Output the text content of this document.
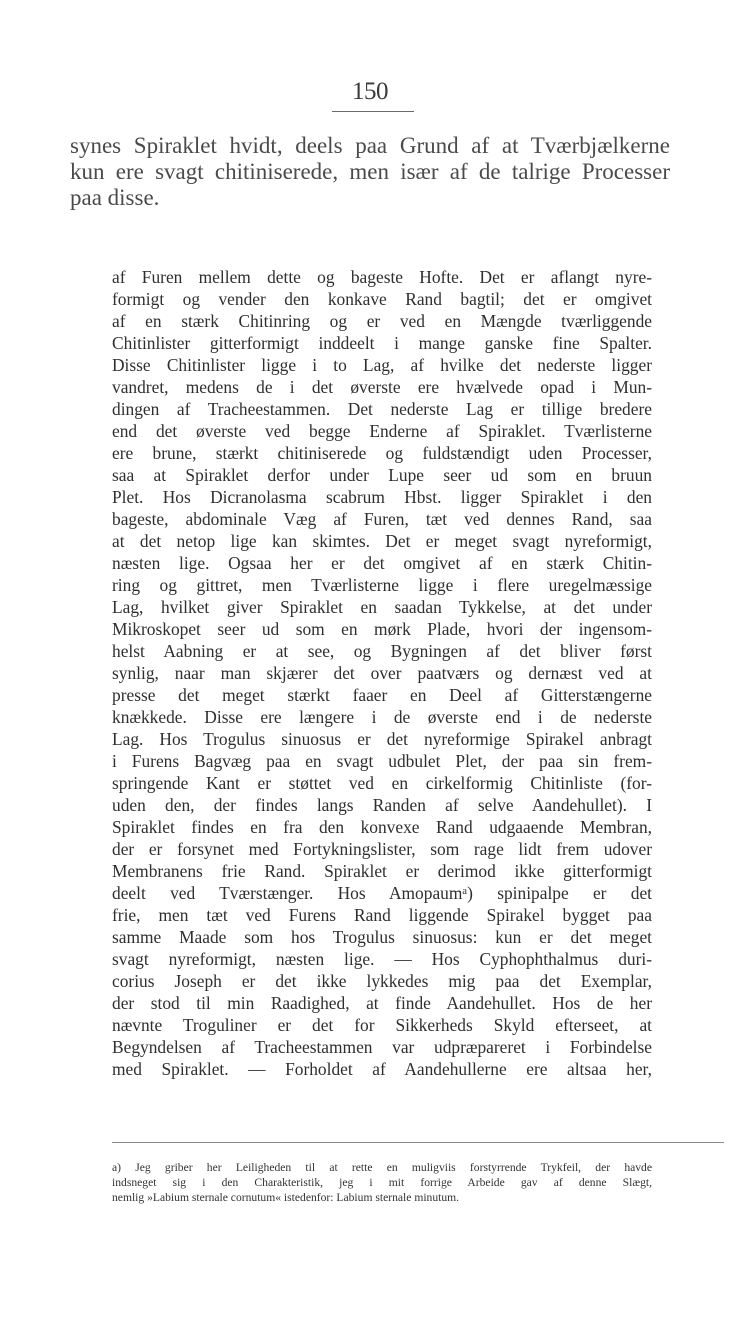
150
synes Spiraklet hvidt, deels paa Grund af at Tværbjælkerne
kun ere svagt chitiniserede, men især af de talrige Processer
paa disse.
af Furen mellem dette og bageste Hofte. Det er aflangt nyre-
formigt og vender den konkave Rand bagtil; det er omgivet
af en stærk Chitinring og er ved en Mængde tværliggende
Chitinlister gitterformigt inddeelt i mange ganske fine Spalter.
Disse Chitinlister ligge i to Lag, af hvilke det nederste ligger
vandret, medens de i det øverste ere hvælvede opad i Mun-
dingen af Tracheestammen. Det nederste Lag er tillige bredere
end det øverste ved begge Enderne af Spiraklet. Tværlisterne
ere brune, stærkt chitiniserede og fuldstændigt uden Processer,
saa at Spiraklet derfor under Lupe seer ud som en bruun
Plet. Hos Dicranolasma scabrum Hbst. ligger Spiraklet i den
bageste, abdominale Væg af Furen, tæt ved dennes Rand, saa
at det netop lige kan skimtes. Det er meget svagt nyreformigt,
næsten lige. Ogsaa her er det omgivet af en stærk Chitin-
ring og gittret, men Tværlisterne ligge i flere uregelmæssige
Lag, hvilket giver Spiraklet en saadan Tykkelse, at det under
Mikroskopet seer ud som en mørk Plade, hvori der ingensom-
helst Aabning er at see, og Bygningen af det bliver først
synlig, naar man skjærer det over paatværs og dernæst ved at
presse det meget stærkt faaer en Deel af Gitterstængerne
knækkede. Disse ere længere i de øverste end i de nederste
Lag. Hos Trogulus sinuosus er det nyreformige Spirakel anbragt
i Furens Bagvæg paa en svagt udbulet Plet, der paa sin frem-
springende Kant er støttet ved en cirkelformig Chitinliste (for-
uden den, der findes langs Randen af selve Aandehullet). I
Spiraklet findes en fra den konvexe Rand udgaaende Membran,
der er forsynet med Fortykningslister, som rage lidt frem udover
Membranens frie Rand. Spiraklet er derimod ikke gitterformigt
deelt ved Tværstænger. Hos Amopaumᵃ) spinipalpe er det
frie, men tæt ved Furens Rand liggende Spirakel bygget paa
samme Maade som hos Trogulus sinuosus: kun er det meget
svagt nyreformigt, næsten lige. — Hos Cyphophthalmus duri-
corius Joseph er det ikke lykkedes mig paa det Exemplar,
der stod til min Raadighed, at finde Aandehullet. Hos de her
nævnte Troguliner er det for Sikkerheds Skyld efterseet, at
Begyndelsen af Tracheestammen var udpræpareret i Forbindelse
med Spiraklet. — Forholdet af Aandehullerne ere altsaa her,
a) Jeg griber her Leiligheden til at rette en muligviis forstyrrende Trykfeil, der havde
indsneget sig i den Charakteristik, jeg i mit forrige Arbeide gav af denne Slægt,
nemlig »Labium sternale cornutum« istedenfor: Labium sternale minutum.
